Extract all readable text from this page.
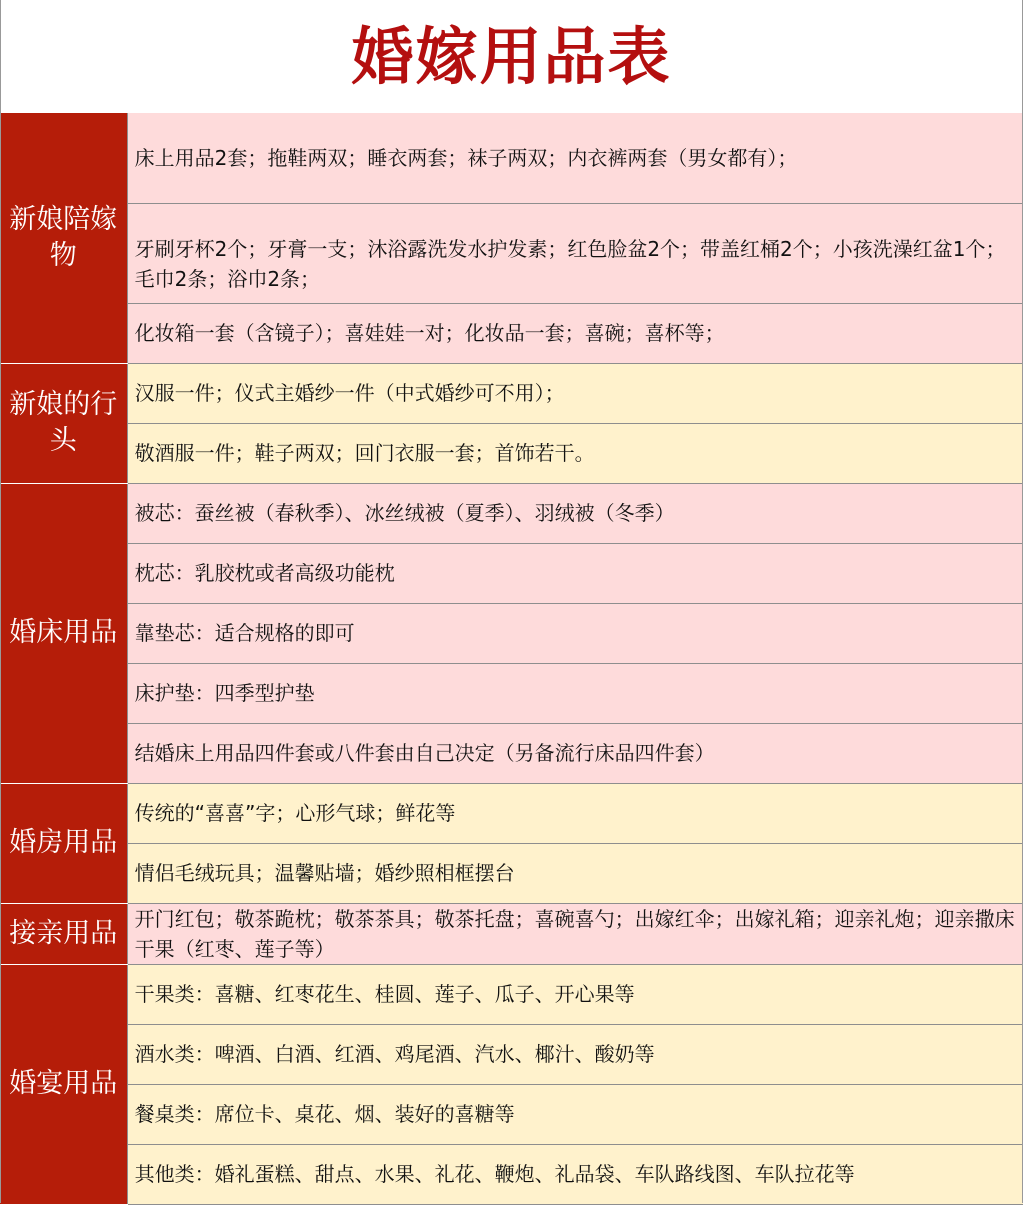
婚嫁用品表
新娘陪嫁物	床上用品2套；拖鞋两双；睡衣两套；袜子两双；内衣裤两套（男女都有）；
	牙刷牙杯2个；牙膏一支；沐浴露洗发水护发素；红色脸盆2个；带盖红桶2个；小孩洗澡红盆1个；毛巾2条；浴巾2条；
	化妆箱一套（含镜子）；喜娃娃一对；化妆品一套；喜碗；喜杯等；
新娘的行头	汉服一件；仪式主婚纱一件（中式婚纱可不用）；
	敬酒服一件；鞋子两双；回门衣服一套；首饰若干。
婚床用品	被芯：蚕丝被（春秋季）、冰丝绒被（夏季）、羽绒被（冬季）
	枕芯：乳胶枕或者高级功能枕
	靠垫芯：适合规格的即可
	床护垫：四季型护垫
	结婚床上用品四件套或八件套由自己决定（另备流行床品四件套）
婚房用品	传统的“喜喜”字；心形气球；鲜花等
	情侣毛绒玩具；温馨贴墙；婚纱照相框摆台
接亲用品	开门红包；敬茶跪枕；敬茶茶具；敬茶托盘；喜碗喜勺；出嫁红伞；出嫁礼箱；迎亲礼炮；迎亲撒床干果（红枣、莲子等）
婚宴用品	干果类：喜糖、红枣花生、桂圆、莲子、瓜子、开心果等
	酒水类：啤酒、白酒、红酒、鸡尾酒、汽水、椰汁、酸奶等
	餐桌类：席位卡、桌花、烟、装好的喜糖等
	其他类：婚礼蛋糕、甜点、水果、礼花、鞭炮、礼品袋、车队路线图、车队拉花等
